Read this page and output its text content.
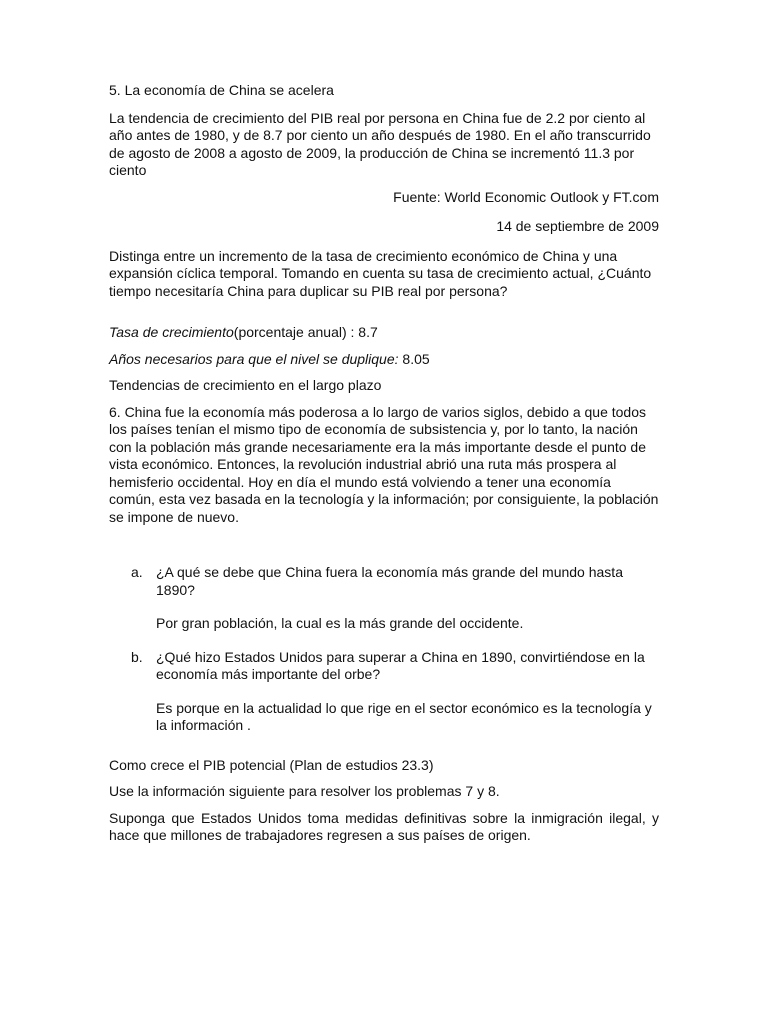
5. La economía de China se acelera

La tendencia de crecimiento del PIB real por persona en China fue de 2.2 por ciento al año antes de 1980, y de 8.7 por ciento un año después de 1980. En el año transcurrido de agosto de 2008 a agosto de 2009, la producción de China se incrementó 11.3 por ciento

Fuente: World Economic Outlook y FT.com

14 de septiembre de 2009

Distinga entre un incremento de la tasa de crecimiento económico de China y una expansión cíclica temporal. Tomando en cuenta su tasa de crecimiento actual, ¿Cuánto tiempo necesitaría China para duplicar su PIB real por persona?

Tasa de crecimiento(porcentaje anual) : 8.7

Años necesarios para que el nivel se duplique: 8.05

Tendencias de crecimiento en el largo plazo

6. China fue la economía más poderosa a lo largo de varios siglos, debido a que todos los países tenían el mismo tipo de economía de subsistencia y, por lo tanto, la nación con la población más grande necesariamente era la más importante desde el punto de vista económico. Entonces, la revolución industrial abrió una ruta más prospera al hemisferio occidental. Hoy en día el mundo está volviendo a tener una economía común, esta vez basada en la tecnología y la información; por consiguiente, la población se impone de nuevo.

a. ¿A qué se debe que China fuera la economía más grande del mundo hasta 1890?

Por gran población, la cual es la más grande del occidente.

b. ¿Qué hizo Estados Unidos para superar a China en 1890, convirtiéndose en la economía más importante del orbe?

Es porque en la actualidad lo que rige en el sector económico es la tecnología y la información .

Como crece el PIB potencial (Plan de estudios 23.3)

Use la información siguiente para resolver los problemas 7 y 8.

Suponga que Estados Unidos toma medidas definitivas sobre la inmigración ilegal, y hace que millones de trabajadores regresen a sus países de origen.
